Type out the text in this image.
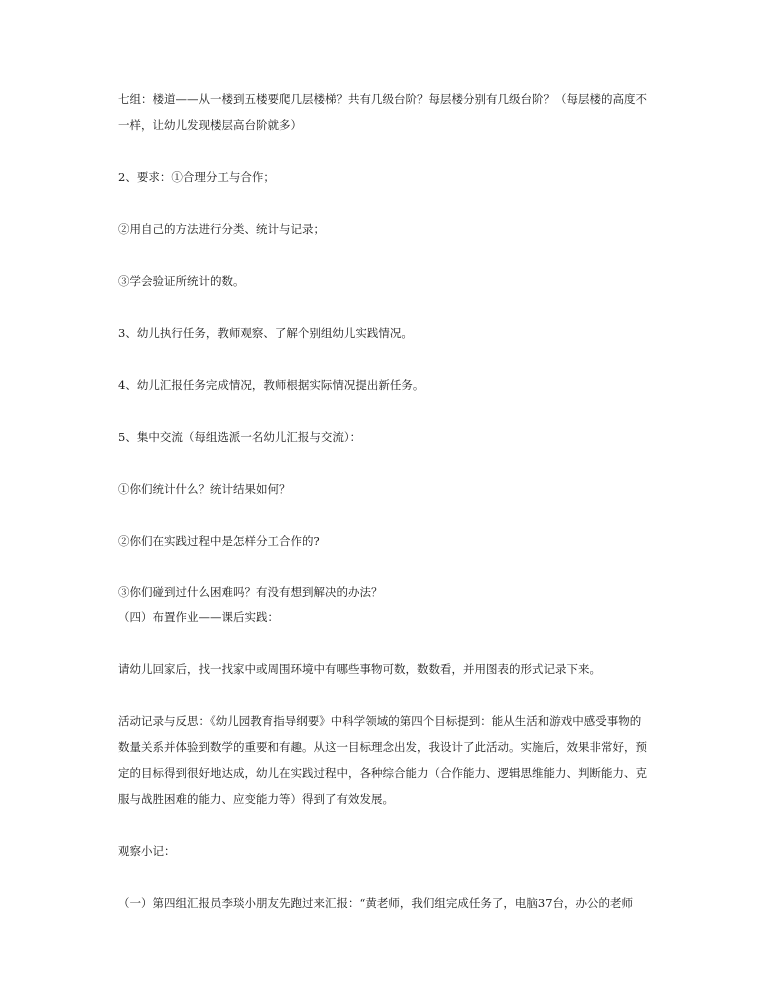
七组：楼道——从一楼到五楼要爬几层楼梯？共有几级台阶？每层楼分别有几级台阶？（每层楼的高度不
一样，让幼儿发现楼层高台阶就多）
2、要求：①合理分工与合作；
②用自己的方法进行分类、统计与记录；
③学会验证所统计的数。
3、幼儿执行任务，教师观察、了解个别组幼儿实践情况。
4、幼儿汇报任务完成情况，教师根据实际情况提出新任务。
5、集中交流（每组选派一名幼儿汇报与交流）：
①你们统计什么？统计结果如何？
②你们在实践过程中是怎样分工合作的?
③你们碰到过什么困难吗？有没有想到解决的办法？
（四）布置作业——课后实践：
请幼儿回家后，找一找家中或周围环境中有哪些事物可数，数数看，并用图表的形式记录下来。
活动记录与反思：《幼儿园教育指导纲要》中科学领域的第四个目标提到：能从生活和游戏中感受事物的
数量关系并体验到数学的重要和有趣。从这一目标理念出发，我设计了此活动。实施后，效果非常好，预
定的目标得到很好地达成，幼儿在实践过程中，各种综合能力（合作能力、逻辑思维能力、判断能力、克
服与战胜困难的能力、应变能力等）得到了有效发展。
观察小记：
（一）第四组汇报员李琰小朋友先跑过来汇报：“黄老师，我们组完成任务了，电脑37台，办公的老师
